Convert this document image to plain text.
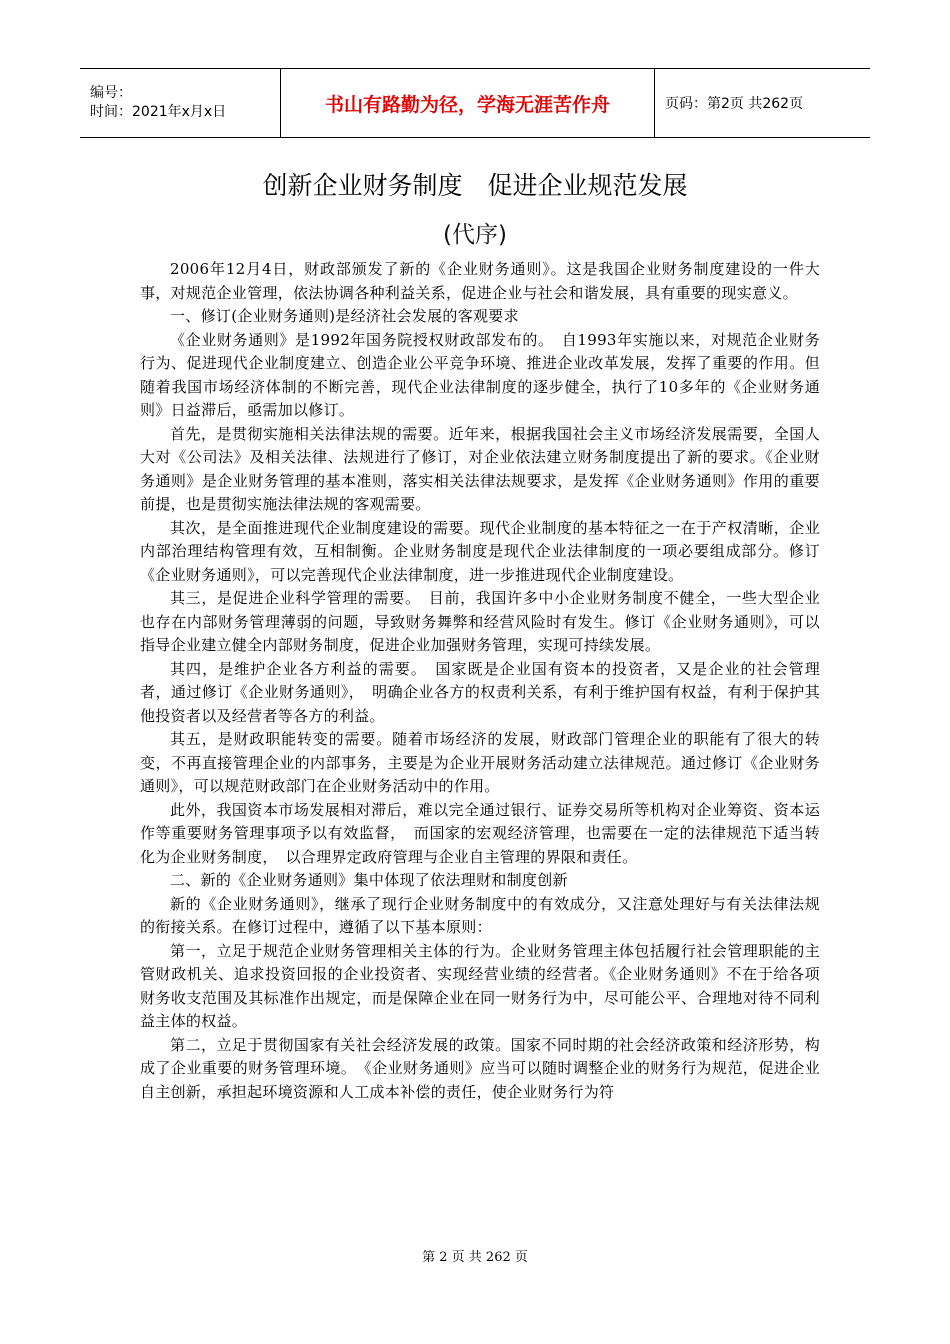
编号：
时间：2021年x月x日	书山有路勤为径，学海无涯苦作舟	页码：第2页 共262页
创新企业财务制度　促进企业规范发展
(代序)

2006年12月4日，财政部颁发了新的《企业财务通则》。这是我国企业财务制度建设的一件大事，对规范企业管理，依法协调各种利益关系，促进企业与社会和谐发展，具有重要的现实意义。

一、修订(企业财务通则)是经济社会发展的客观要求

《企业财务通则》是1992年国务院授权财政部发布的。　自1993年实施以来，对规范企业财务行为、促进现代企业制度建立、创造企业公平竞争环境、推进企业改革发展，发挥了重要的作用。但随着我国市场经济体制的不断完善，现代企业法律制度的逐步健全，执行了10多年的《企业财务通则》日益滞后，亟需加以修订。

首先，是贯彻实施相关法律法规的需要。近年来，根据我国社会主义市场经济发展需要，全国人大对《公司法》及相关法律、法规进行了修订，对企业依法建立财务制度提出了新的要求。《企业财务通则》是企业财务管理的基本准则，落实相关法律法规要求，是发挥《企业财务通则》作用的重要前提，也是贯彻实施法律法规的客观需要。

其次，是全面推进现代企业制度建设的需要。现代企业制度的基本特征之一在于产权清晰，企业内部治理结构管理有效，互相制衡。企业财务制度是现代企业法律制度的一项必要组成部分。修订《企业财务通则》，可以完善现代企业法律制度，进一步推进现代企业制度建设。

其三，是促进企业科学管理的需要。　目前，我国许多中小企业财务制度不健全，一些大型企业也存在内部财务管理薄弱的问题，导致财务舞弊和经营风险时有发生。修订《企业财务通则》，可以指导企业建立健全内部财务制度，促进企业加强财务管理，实现可持续发展。

其四，是维护企业各方利益的需要。　国家既是企业国有资本的投资者，又是企业的社会管理者，通过修订《企业财务通则》，　明确企业各方的权责利关系，有利于维护国有权益，有利于保护其他投资者以及经营者等各方的利益。

其五，是财政职能转变的需要。随着市场经济的发展，财政部门管理企业的职能有了很大的转变，不再直接管理企业的内部事务，主要是为企业开展财务活动建立法律规范。通过修订《企业财务通则》，可以规范财政部门在企业财务活动中的作用。

此外，我国资本市场发展相对滞后，难以完全通过银行、证券交易所等机构对企业筹资、资本运作等重要财务管理事项予以有效监督，　而国家的宏观经济管理，也需要在一定的法律规范下适当转化为企业财务制度，　以合理界定政府管理与企业自主管理的界限和责任。

二、新的《企业财务通则》集中体现了依法理财和制度创新

新的《企业财务通则》，继承了现行企业财务制度中的有效成分，又注意处理好与有关法律法规的衔接关系。在修订过程中，遵循了以下基本原则：

第一，立足于规范企业财务管理相关主体的行为。企业财务管理主体包括履行社会管理职能的主管财政机关、追求投资回报的企业投资者、实现经营业绩的经营者。《企业财务通则》不在于给各项财务收支范围及其标准作出规定，而是保障企业在同一财务行为中，尽可能公平、合理地对待不同利益主体的权益。

第二，立足于贯彻国家有关社会经济发展的政策。国家不同时期的社会经济政策和经济形势，构成了企业重要的财务管理环境。　《企业财务通则》应当可以随时调整企业的财务行为规范，促进企业自主创新，承担起环境资源和人工成本补偿的责任，使企业财务行为符

第 2 页 共 262 页
